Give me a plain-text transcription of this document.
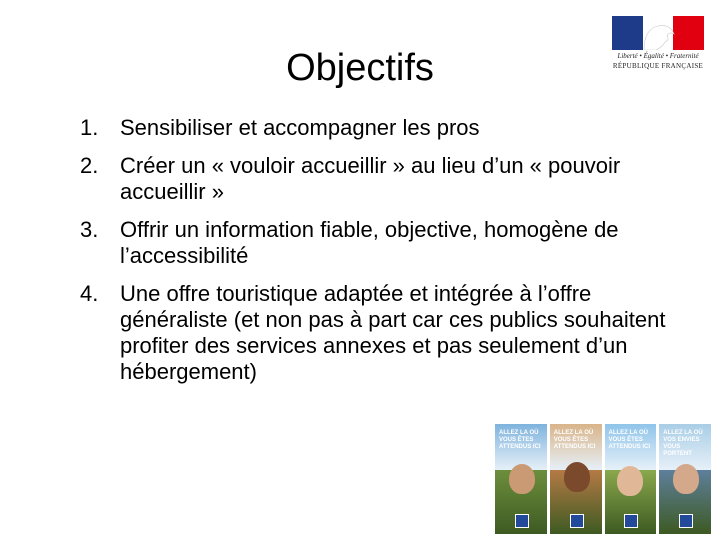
Objectifs	Liberté • Égalité • Fraternité
RÉPUBLIQUE FRANÇAISE
1. Sensibiliser et accompagner les pros
2. Créer un « vouloir accueillir » au lieu d’un « pouvoir accueillir »
3. Offrir un information fiable, objective, homogène de l’accessibilité
4. Une offre touristique adaptée et intégrée à l’offre généraliste (et non pas à part car ces publics souhaitent profiter des services annexes et pas seulement d’un hébergement)
ALLEZ LA OÙ VOUS ÊTES ATTENDUS ICI
ALLEZ LA OÙ VOUS ÊTES ATTENDUS ICI
ALLEZ LA OÙ VOUS ÊTES ATTENDUS ICI
ALLEZ LA OÙ VOS ENVIES VOUS PORTENT
